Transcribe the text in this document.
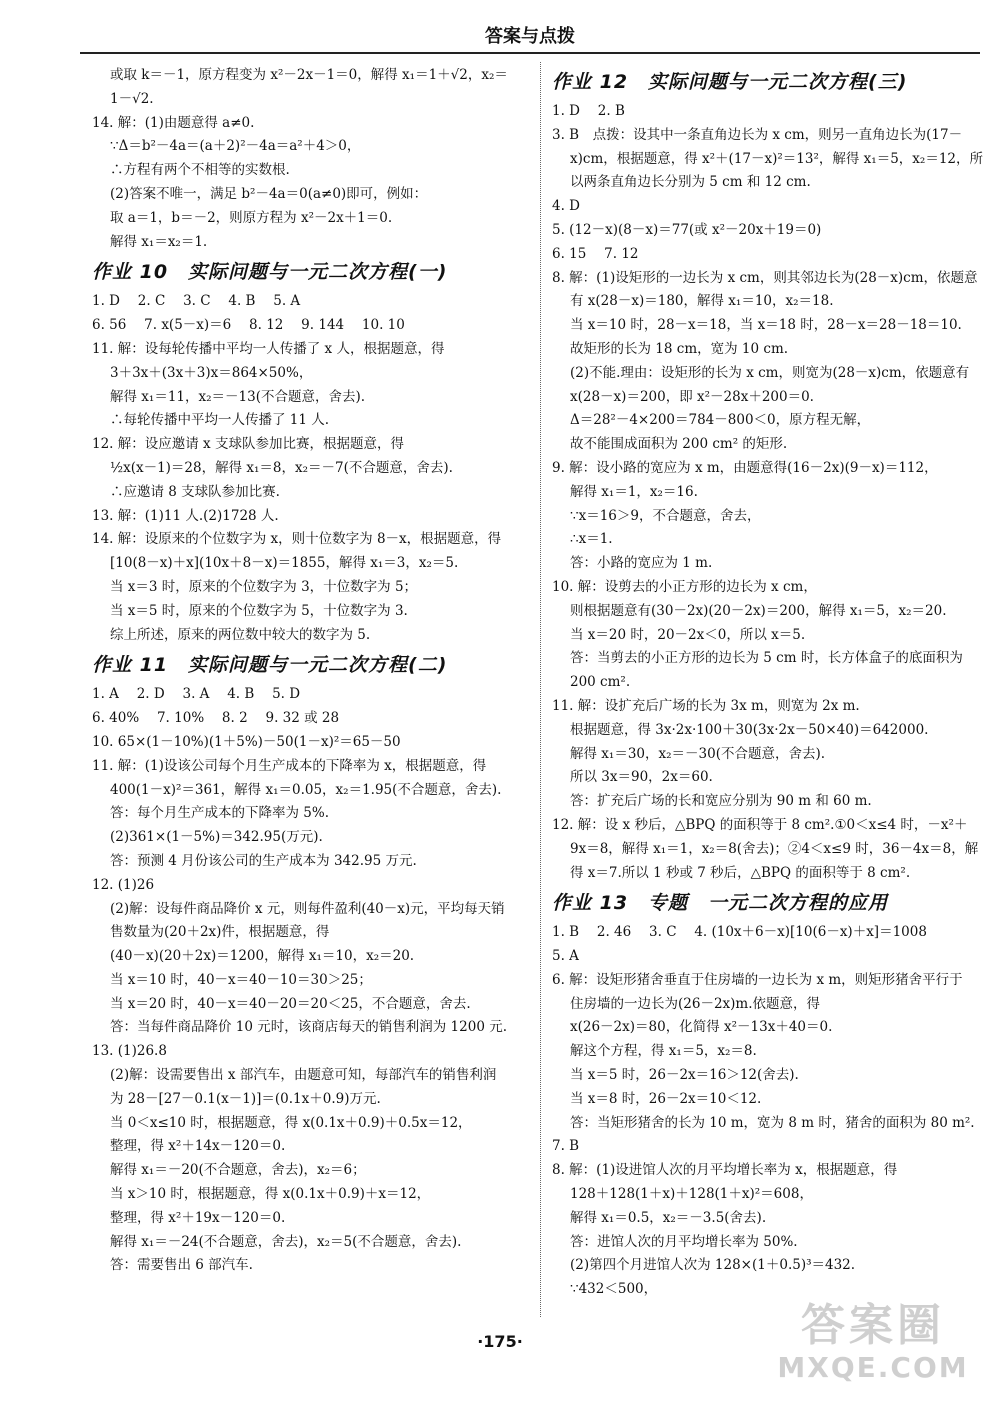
答案与点拨
或取 k＝－1，原方程变为 x²－2x－1＝0，解得 x₁＝1＋√2，x₂＝
1－√2.
14. 解：(1)由题意得 a≠0.
∵Δ＝b²－4a＝(a＋2)²－4a＝a²＋4＞0，
∴方程有两个不相等的实数根.
(2)答案不唯一，满足 b²－4a＝0(a≠0)即可，例如：
取 a＝1，b＝－2，则原方程为 x²－2x＋1＝0.
解得 x₁＝x₂＝1.
作业 10　实际问题与一元二次方程(一)
1. D　 2. C　 3. C　 4. B　 5. A
6. 56　 7. x(5－x)＝6　 8. 12　 9. 144　 10. 10
11. 解：设每轮传播中平均一人传播了 x 人，根据题意，得
3＋3x＋(3x＋3)x＝864×50%，
解得 x₁＝11，x₂＝－13(不合题意，舍去).
∴每轮传播中平均一人传播了 11 人.
12. 解：设应邀请 x 支球队参加比赛，根据题意，得
½x(x－1)＝28，解得 x₁＝8，x₂＝－7(不合题意，舍去).
∴应邀请 8 支球队参加比赛.
13. 解：(1)11 人.(2)1728 人.
14. 解：设原来的个位数字为 x，则十位数字为 8－x，根据题意，得
[10(8－x)＋x](10x＋8－x)＝1855，解得 x₁＝3，x₂＝5.
当 x＝3 时，原来的个位数字为 3，十位数字为 5；
当 x＝5 时，原来的个位数字为 5，十位数字为 3.
综上所述，原来的两位数中较大的数字为 5.
作业 11　实际问题与一元二次方程(二)
1. A　 2. D　 3. A　 4. B　 5. D
6. 40%　 7. 10%　 8. 2　 9. 32 或 28
10. 65×(1－10%)(1＋5%)－50(1－x)²＝65－50
11. 解：(1)设该公司每个月生产成本的下降率为 x，根据题意，得
400(1－x)²＝361，解得 x₁＝0.05，x₂＝1.95(不合题意，舍去).
答：每个月生产成本的下降率为 5%.
(2)361×(1－5%)＝342.95(万元).
答：预测 4 月份该公司的生产成本为 342.95 万元.
12. (1)26
(2)解：设每件商品降价 x 元，则每件盈利(40－x)元，平均每天销
售数量为(20＋2x)件，根据题意，得
(40－x)(20＋2x)＝1200，解得 x₁＝10，x₂＝20.
当 x＝10 时，40－x＝40－10＝30＞25；
当 x＝20 时，40－x＝40－20＝20＜25，不合题意，舍去.
答：当每件商品降价 10 元时，该商店每天的销售利润为 1200 元.
13. (1)26.8
(2)解：设需要售出 x 部汽车，由题意可知，每部汽车的销售利润
为 28－[27－0.1(x－1)]＝(0.1x＋0.9)万元.
当 0＜x≤10 时，根据题意，得 x(0.1x＋0.9)＋0.5x＝12，
整理，得 x²＋14x－120＝0.
解得 x₁＝－20(不合题意，舍去)，x₂＝6；
当 x＞10 时，根据题意，得 x(0.1x＋0.9)＋x＝12，
整理，得 x²＋19x－120＝0.
解得 x₁＝－24(不合题意，舍去)，x₂＝5(不合题意，舍去).
答：需要售出 6 部汽车.
作业 12　实际问题与一元二次方程(三)
1. D　 2. B
3. B　点拨：设其中一条直角边长为 x cm，则另一直角边长为(17－
x)cm，根据题意，得 x²＋(17－x)²＝13²，解得 x₁＝5，x₂＝12，所
以两条直角边长分别为 5 cm 和 12 cm.
4. D
5. (12－x)(8－x)＝77(或 x²－20x＋19＝0)
6. 15　 7. 12
8. 解：(1)设矩形的一边长为 x cm，则其邻边长为(28－x)cm，依题意
有 x(28－x)＝180，解得 x₁＝10，x₂＝18.
当 x＝10 时，28－x＝18，当 x＝18 时，28－x＝28－18＝10.
故矩形的长为 18 cm，宽为 10 cm.
(2)不能.理由：设矩形的长为 x cm，则宽为(28－x)cm，依题意有
x(28－x)＝200，即 x²－28x＋200＝0.
Δ＝28²－4×200＝784－800＜0，原方程无解，
故不能围成面积为 200 cm² 的矩形.
9. 解：设小路的宽应为 x m，由题意得(16－2x)(9－x)＝112，
解得 x₁＝1，x₂＝16.
∵x＝16＞9，不合题意，舍去，
∴x＝1.
答：小路的宽应为 1 m.
10. 解：设剪去的小正方形的边长为 x cm，
则根据题意有(30－2x)(20－2x)＝200，解得 x₁＝5，x₂＝20.
当 x＝20 时，20－2x＜0，所以 x＝5.
答：当剪去的小正方形的边长为 5 cm 时，长方体盒子的底面积为
200 cm².
11. 解：设扩充后广场的长为 3x m，则宽为 2x m.
根据题意，得 3x·2x·100＋30(3x·2x－50×40)＝642000.
解得 x₁＝30，x₂＝－30(不合题意，舍去).
所以 3x＝90，2x＝60.
答：扩充后广场的长和宽应分别为 90 m 和 60 m.
12. 解：设 x 秒后，△BPQ 的面积等于 8 cm².①0＜x≤4 时，－x²＋
9x＝8，解得 x₁＝1，x₂＝8(舍去)；②4＜x≤9 时，36－4x＝8，解
得 x＝7.所以 1 秒或 7 秒后，△BPQ 的面积等于 8 cm².
作业 13　专题　一元二次方程的应用
1. B　 2. 46　 3. C　 4. (10x＋6－x)[10(6－x)＋x]＝1008
5. A
6. 解：设矩形猪舍垂直于住房墙的一边长为 x m，则矩形猪舍平行于
住房墙的一边长为(26－2x)m.依题意，得
x(26－2x)＝80，化简得 x²－13x＋40＝0.
解这个方程，得 x₁＝5，x₂＝8.
当 x＝5 时，26－2x＝16＞12(舍去).
当 x＝8 时，26－2x＝10＜12.
答：当矩形猪舍的长为 10 m，宽为 8 m 时，猪舍的面积为 80 m².
7. B
8. 解：(1)设进馆人次的月平均增长率为 x，根据题意，得
128＋128(1＋x)＋128(1＋x)²＝608，
解得 x₁＝0.5，x₂＝－3.5(舍去).
答：进馆人次的月平均增长率为 50%.
(2)第四个月进馆人次为 128×(1＋0.5)³＝432.
∵432＜500，
·175·	答案圈
MXQE.COM
